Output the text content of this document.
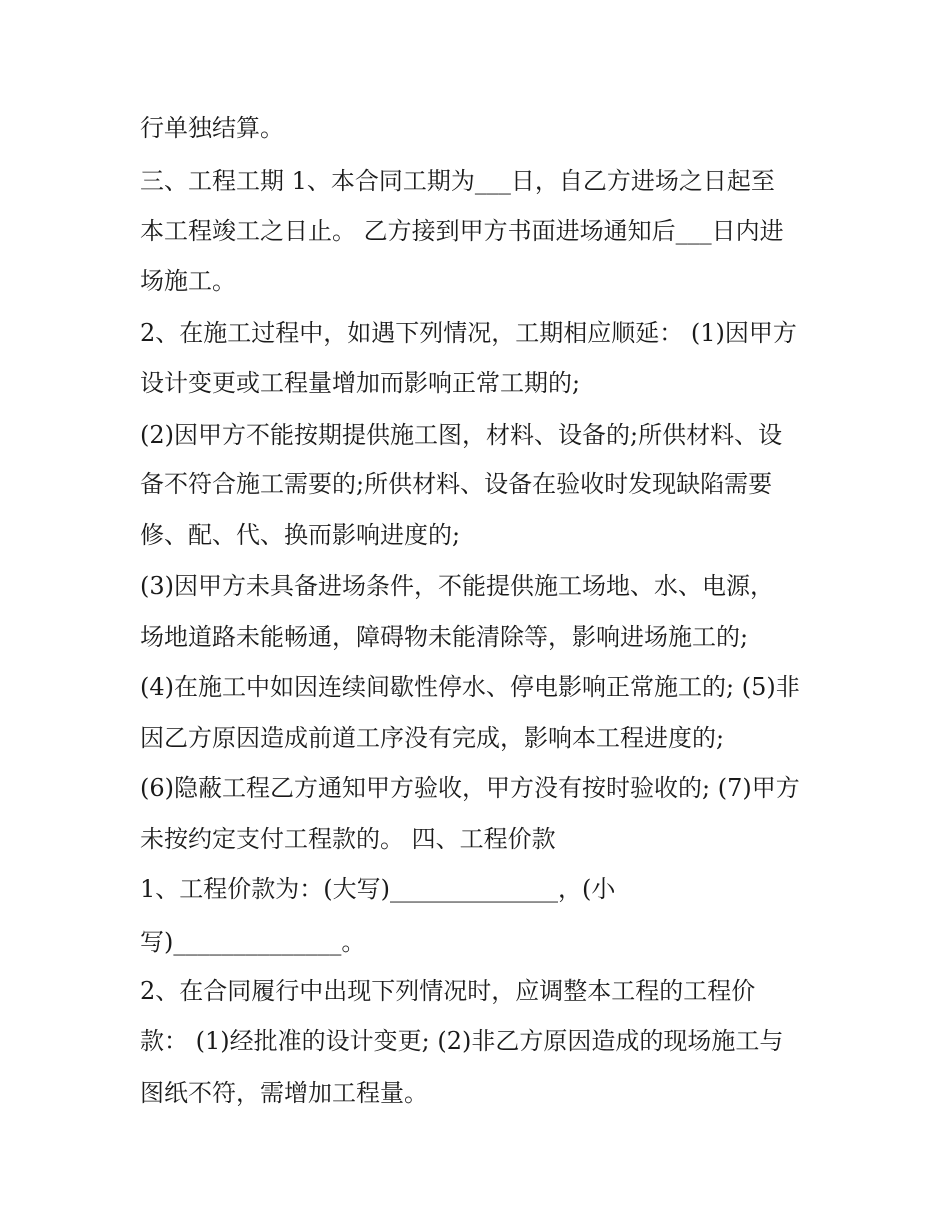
行单独结算。

三、工程工期 1、本合同工期为___日，自乙方进场之日起至

本工程竣工之日止。 乙方接到甲方书面进场通知后___日内进

场施工。

2、在施工过程中，如遇下列情况，工期相应顺延： (1)因甲方

设计变更或工程量增加而影响正常工期的;

(2)因甲方不能按期提供施工图，材料、设备的;所供材料、设

备不符合施工需要的;所供材料、设备在验收时发现缺陷需要

修、配、代、换而影响进度的;

(3)因甲方未具备进场条件，不能提供施工场地、水、电源，

场地道路未能畅通，障碍物未能清除等，影响进场施工的;

(4)在施工中如因连续间歇性停水、停电影响正常施工的; (5)非

因乙方原因造成前道工序没有完成，影响本工程进度的;

(6)隐蔽工程乙方通知甲方验收，甲方没有按时验收的; (7)甲方

未按约定支付工程款的。 四、工程价款

1、工程价款为：(大写)______________，(小

写)______________。

2、在合同履行中出现下列情况时，应调整本工程的工程价

款： (1)经批准的设计变更; (2)非乙方原因造成的现场施工与

图纸不符，需增加工程量。
